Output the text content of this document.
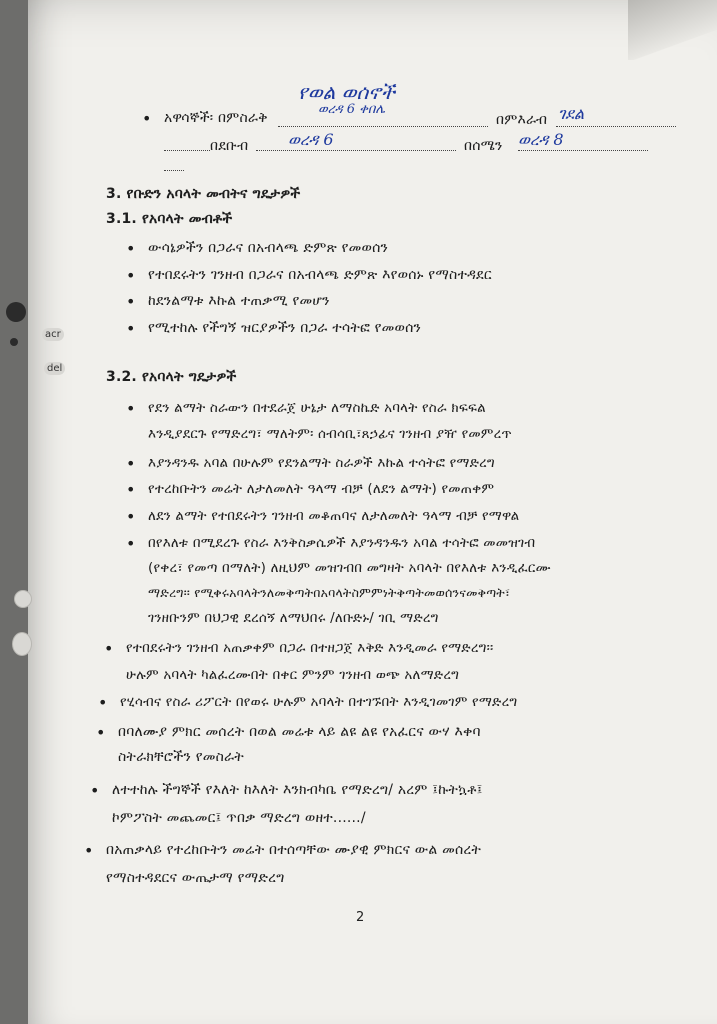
acr
del
• አዋሳኞች፡ በምስራቅ
የወል ወሰኖች
ወረዳ 6 ቀበሌ
በምእራብ ገደል
በደቡብ ወረዳ 6	በሰሜን ወረዳ 8
3. የቡድን አባላት መብትና ግዴታዎች
3.1. የአባላት መብቶች
• ውሳኔዎችን በጋራና በአብላጫ ድምጽ የመወሰን
• የተበደሩትን ገንዘብ በጋራና በአብላጫ ድምጽ እየወሰኑ የማስተዳደር
• ከደንልማቱ እኩል ተጠቃሚ የመሆን
• የሚተከሉ የችግኝ ዝርያዎችን በጋራ ተሳትፎ የመወሰን
3.2. የአባላት ግዴታዎች
• የደን ልማት ስራውን በተደራጀ ሁኔታ ለማስኬድ አባላት የስራ ክፍፍል
እንዲያደርጉ የማድረግ፣ ማለትም፡ ሰብሳቢ፣ጸኃፊና ገንዘብ ያዥ የመምረጥ
• እያንዳንዱ አባል በሁሉም የደንልማት ስራዎች እኩል ተሳትፎ የማድረግ
• የተረከቡትን መሬት ለታለመለት ዓላማ ብቻ (ለደን ልማት) የመጠቀም
• ለደን ልማት የተበደሩትን ገንዘብ መቆጠባና ለታለመለት ዓላማ ብቻ የማዋል
• በየእለቱ በሚደረጉ የስራ እንቅስቃሴዎች እያንዳንዱን አባል ተሳትፎ መመዝገብ
(የቀረ፣ የመጣ በማለት) ለዚህም መዝገብበ መግዛት አባላት በየእለቱ እንዲፈርሙ
ማድረግ፡፡ የሚቀሩአባላትንለመቅጣትበአባላትስምምነትቅጣትመወሰንናመቅጣት፣
ገንዘቡንም በህጋዊ ደረሰኝ ለማህበሩ /ለቡድኑ/ ገቢ ማድረግ
• የተበደሩትን ገንዘብ አጠቃቀም በጋራ በተዘጋጀ እቅድ እንዲመራ የማድረግ፡፡
ሁሉም አባላት ካልፈረሙበት በቀር ምንም ገንዘብ ወጭ አለማድረግ
• የሂሳብና የስራ ሪፖርት በየወሩ ሁሉም አባላት በተገኙበት እንዲገመገም የማድረግ
• በባለሙያ ምክር መሰረት በወል መሬቱ ላይ ልዩ ልዩ የአፈርና ውሃ እቀባ
ስትራክቸሮችን የመስራት
• ለተተከሉ ችግኞች የእለት ከእለት እንክብካቤ የማድረግ/ አረም ፤ኩትኳቶ፤
ኮምፖስት መጨመር፤ ጥበቃ ማድረግ ወዘተ....../
• በአጠቃላይ የተረከቡትን መሬት በተሰጣቸው ሙያዊ ምክርና ውል መሰረት
የማስተዳደርና ውጤታማ የማድረግ
2
